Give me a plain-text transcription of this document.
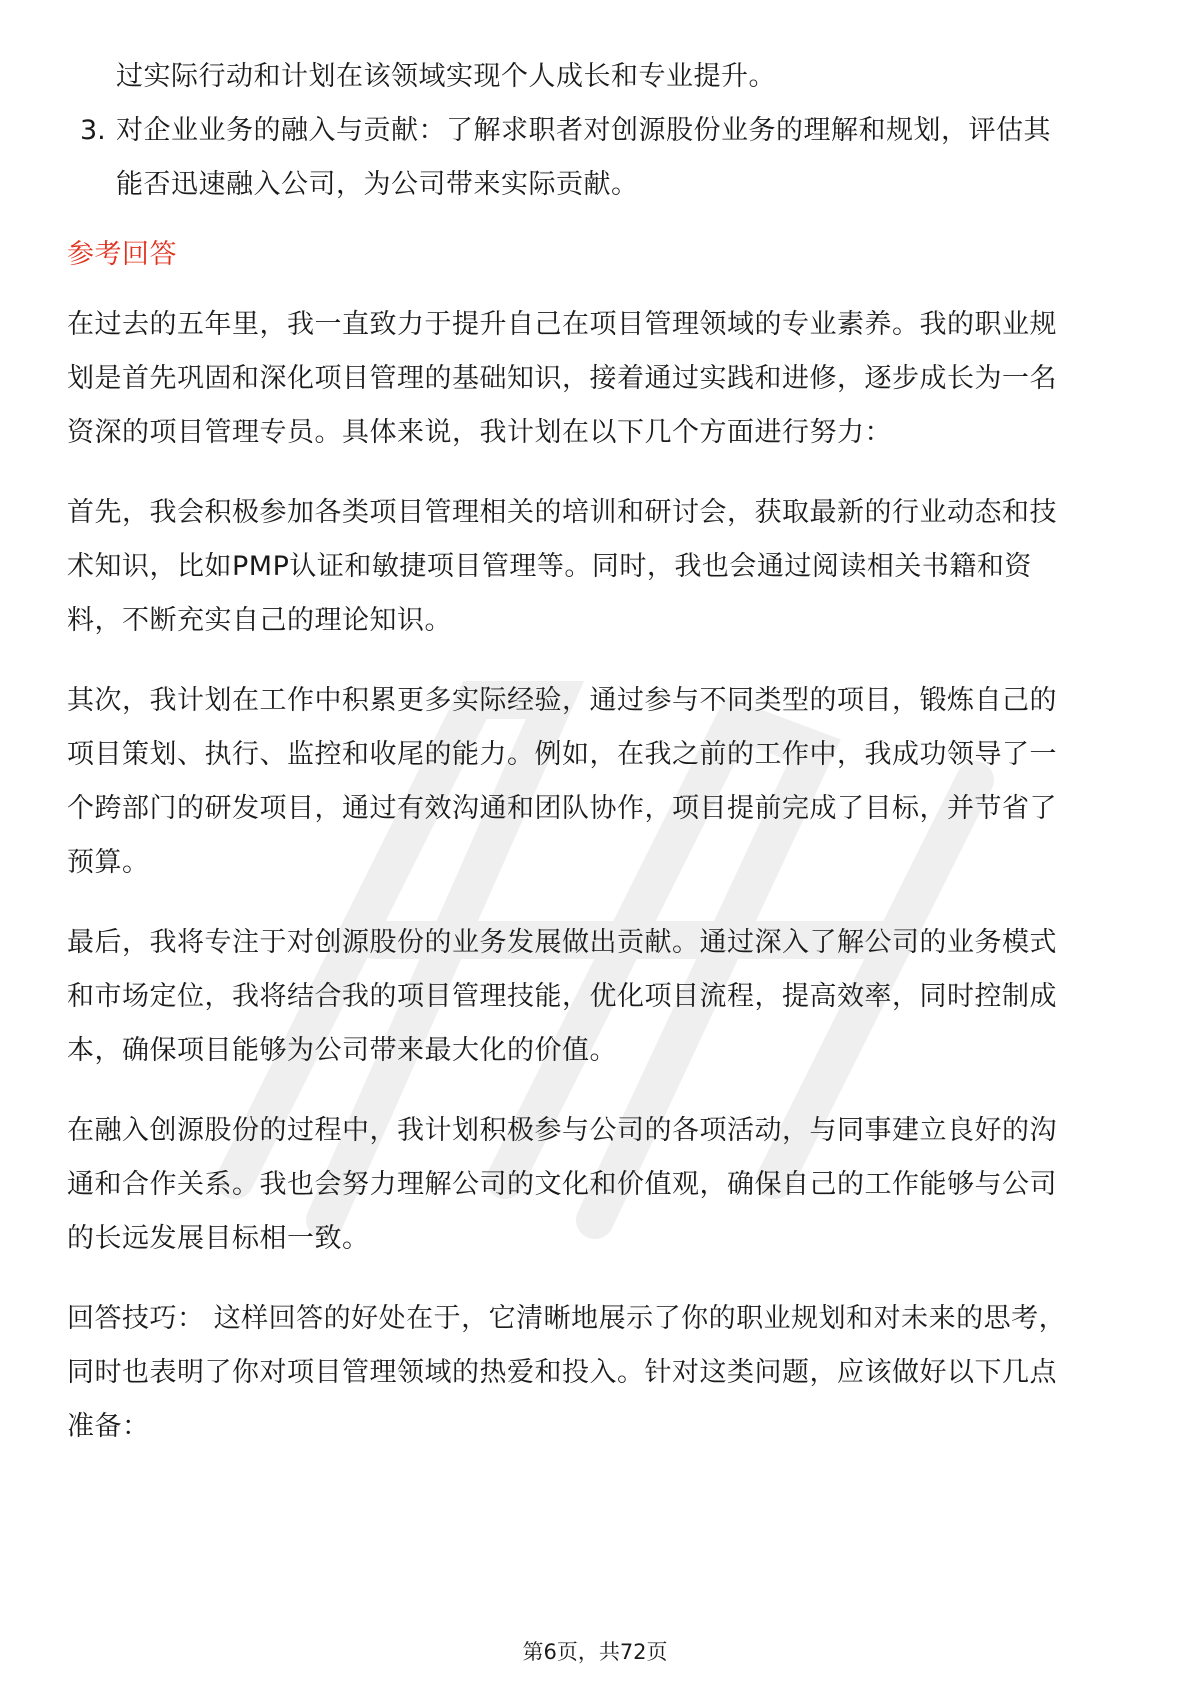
过实际行动和计划在该领域实现个人成长和专业提升。
3. 对企业业务的融入与贡献：了解求职者对创源股份业务的理解和规划，评估其
能否迅速融入公司，为公司带来实际贡献。
参考回答
在过去的五年里，我一直致力于提升自己在项目管理领域的专业素养。我的职业规
划是首先巩固和深化项目管理的基础知识，接着通过实践和进修，逐步成长为一名
资深的项目管理专员。具体来说，我计划在以下几个方面进行努力：
首先，我会积极参加各类项目管理相关的培训和研讨会，获取最新的行业动态和技
术知识，比如PMP认证和敏捷项目管理等。同时，我也会通过阅读相关书籍和资
料，不断充实自己的理论知识。
其次，我计划在工作中积累更多实际经验，通过参与不同类型的项目，锻炼自己的
项目策划、执行、监控和收尾的能力。例如，在我之前的工作中，我成功领导了一
个跨部门的研发项目，通过有效沟通和团队协作，项目提前完成了目标，并节省了
预算。
最后，我将专注于对创源股份的业务发展做出贡献。通过深入了解公司的业务模式
和市场定位，我将结合我的项目管理技能，优化项目流程，提高效率，同时控制成
本，确保项目能够为公司带来最大化的价值。
在融入创源股份的过程中，我计划积极参与公司的各项活动，与同事建立良好的沟
通和合作关系。我也会努力理解公司的文化和价值观，确保自己的工作能够与公司
的长远发展目标相一致。
回答技巧： 这样回答的好处在于，它清晰地展示了你的职业规划和对未来的思考，
同时也表明了你对项目管理领域的热爱和投入。针对这类问题，应该做好以下几点
准备：
第6页，共72页
